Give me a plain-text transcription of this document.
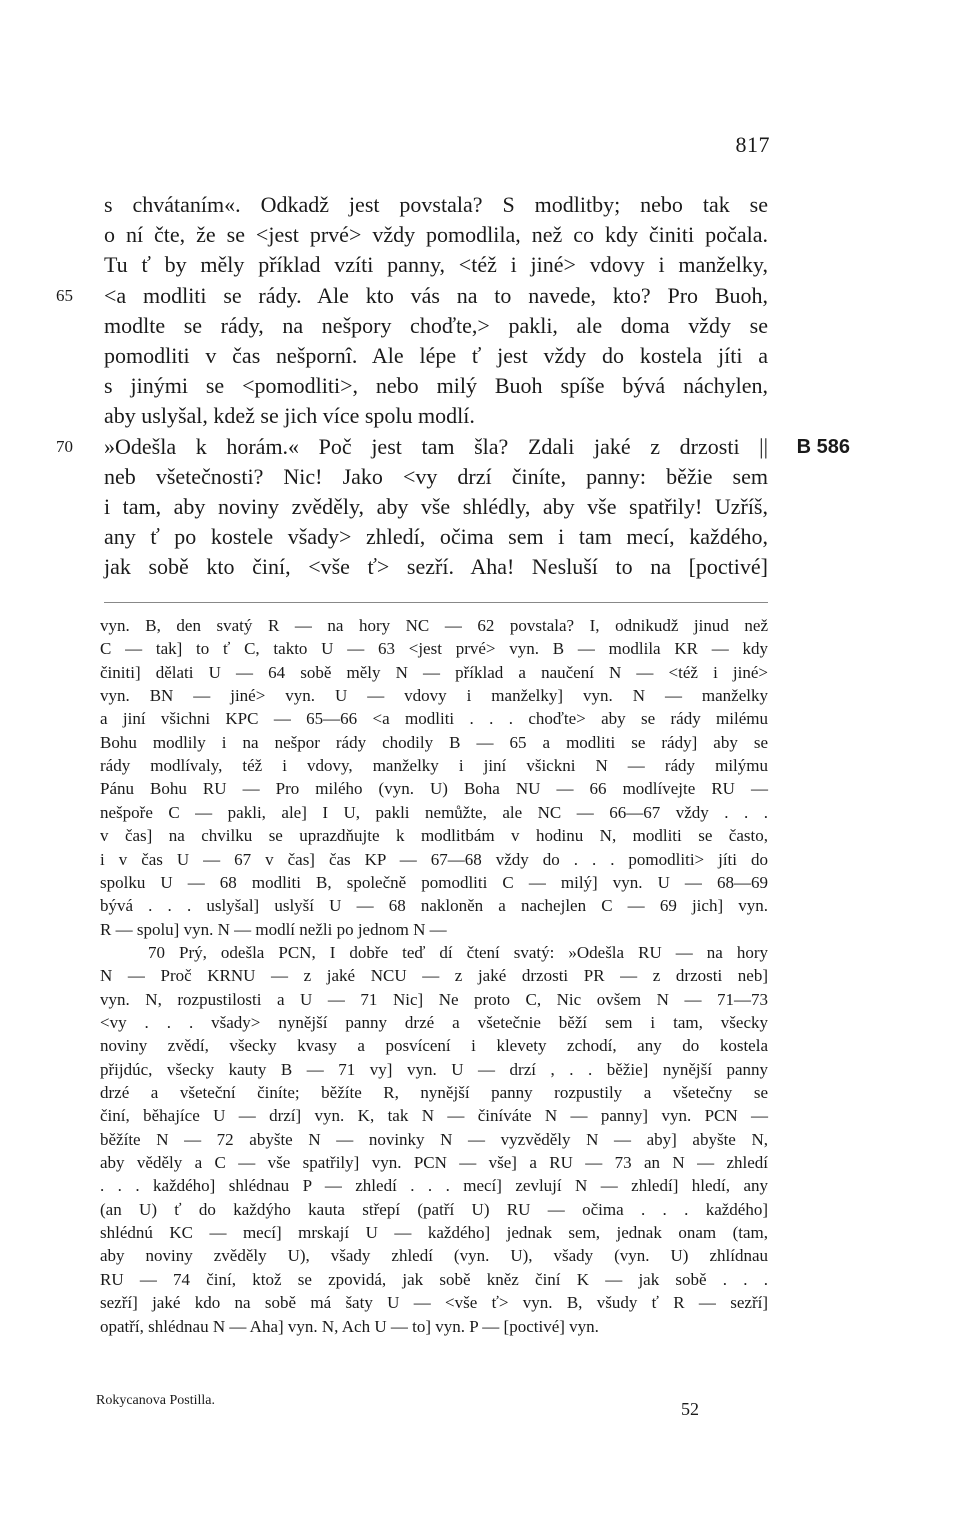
817
s chvátaním«. Odkadž jest povstala? S modlitby; nebo tak se
o ní čte, že se <jest prvé> vždy pomodlila, než co kdy činiti počala.
Tu ť by měly příklad vzíti panny, <též i jiné> vdovy i manželky,
<a modliti se rády. Ale kto vás na to navede, kto? Pro Buoh,
65
modlte se rády, na nešpory choďte,> pakli, ale doma vždy se
pomodliti v čas nešpornî. Ale lépe ť jest vždy do kostela jíti a
s jinými se <pomodliti>, nebo milý Buoh spíše bývá náchylen,
aby uslyšal, kdež se jich více spolu modlí.
»Odešla k horám.« Poč jest tam šla? Zdali jaké z drzosti ||
70	B 586
neb všetečnosti? Nic! Jako <vy drzí činíte, panny: běžie sem
i tam, aby noviny zvěděly, aby vše shlédly, aby vše spatřily! Uzříš,
any ť po kostele všady> zhledí, očima sem i tam mecí, každého,
jak sobě kto činí, <vše ť> sezří. Aha! Nesluší to na [poctivé]
vyn. B, den svatý R — na hory NC — 62 povstala? I, odnikudž jinud než
C — tak] to ť C, takto U — 63 <jest prvé> vyn. B — modlila KR — kdy
činiti] dělati U — 64 sobě měly N — příklad a naučení N — <též i jiné>
vyn. BN — jiné> vyn. U — vdovy i manželky] vyn. N — manželky
a jiní všichni KPC — 65—66 <a modliti . . . choďte> aby se rády milému
Bohu modlily i na nešpor rády chodily B — 65 a modliti se rády] aby se
rády modlívaly, též i vdovy, manželky i jiní všickni N — rády milýmu
Pánu Bohu RU — Pro milého (vyn. U) Boha NU — 66 modlívejte RU —
nešpoře C — pakli, ale] I U, pakli nemůžte, ale NC — 66—67 vždy . . .
v čas] na chvilku se uprazdňujte k modlitbám v hodinu N, modliti se často,
i v čas U — 67 v čas] čas KP — 67—68 vždy do . . . pomodliti> jíti do
spolku U — 68 modliti B, společně pomodliti C — milý] vyn. U — 68—69
bývá . . . uslyšal] uslyší U — 68 nakloněn a nachejlen C — 69 jich] vyn.
R — spolu] vyn. N — modlí nežli po jednom N —
70 Prý, odešla PCN, I dobře teď dí čtení svatý: »Odešla RU — na hory
N — Proč KRNU — z jaké NCU — z jaké drzosti PR — z drzosti neb]
vyn. N, rozpustilosti a U — 71 Nic] Ne proto C, Nic ovšem N — 71—73
<vy . . . všady> nynější panny drzé a všetečnie běží sem i tam, všecky
noviny zvědí, všecky kvasy a posvícení i klevety zchodí, any do kostela
přijdúc, všecky kauty B — 71 vy] vyn. U — drzí , . . běžie] nynější panny
drzé a všeteční činíte; běžíte R, nynější panny rozpustily a všetečny se
činí, běhajíce U — drzí] vyn. K, tak N — činíváte N — panny] vyn. PCN —
běžíte N — 72 abyšte N — novinky N — vyzvěděly N — aby] abyšte N,
aby věděly a C — vše spatřily] vyn. PCN — vše] a RU — 73 an N — zhledí
. . . každého] shlédnau P — zhledí . . . mecí] zevlují N — zhledí] hledí, any
(an U) ť do každýho kauta střepí (patří U) RU — očima . . . každého]
shlédnú KC — mecí] mrskají U — každého] jednak sem, jednak onam (tam,
aby noviny zvěděly U), všady zhledí (vyn. U), všady (vyn. U) zhlídnau
RU — 74 činí, ktož se zpovidá, jak sobě kněz činí K — jak sobě . . .
sezří] jaké kdo na sobě má šaty U — <vše ť> vyn. B, všudy ť R — sezří]
opatří, shlédnau N — Aha] vyn. N, Ach U — to] vyn. P — [poctivé] vyn.
Rokycanova Postilla.	52
